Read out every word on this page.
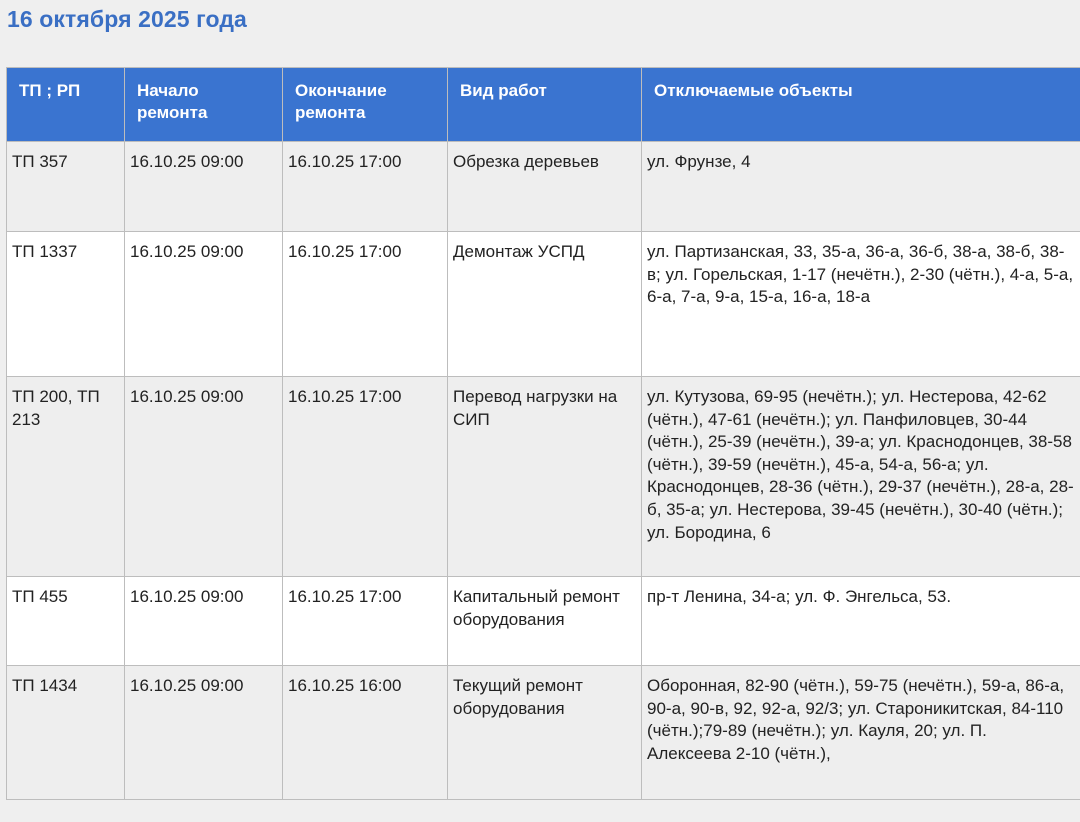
16 октября 2025 года
ТП ; РП	Начало ремонта	Окончание ремонта	Вид работ	Отключаемые объекты
ТП 357	16.10.25 09:00	16.10.25 17:00	Обрезка деревьев	ул. Фрунзе, 4
ТП 1337	16.10.25 09:00	16.10.25 17:00	Демонтаж УСПД	ул. Партизанская, 33, 35-а, 36-а, 36-б, 38-а, 38-б, 38-в; ул. Горельская, 1-17 (нечётн.), 2-30 (чётн.), 4-а, 5-а, 6-а, 7-а, 9-а, 15-а, 16-а, 18-а
ТП 200, ТП 213	16.10.25 09:00	16.10.25 17:00	Перевод нагрузки на СИП	ул. Кутузова, 69-95 (нечётн.); ул. Нестерова, 42-62 (чётн.), 47-61 (нечётн.); ул. Панфиловцев, 30-44 (чётн.), 25-39 (нечётн.), 39-а; ул. Краснодонцев, 38-58 (чётн.), 39-59 (нечётн.), 45-а, 54-а, 56-а; ул. Краснодонцев, 28-36 (чётн.), 29-37 (нечётн.), 28-а, 28-б, 35-а; ул. Нестерова, 39-45 (нечётн.), 30-40 (чётн.); ул. Бородина, 6
ТП 455	16.10.25 09:00	16.10.25 17:00	Капитальный ремонт оборудования	пр-т Ленина, 34-а; ул. Ф. Энгельса, 53.
ТП 1434	16.10.25 09:00	16.10.25 16:00	Текущий ремонт оборудования	Оборонная, 82-90 (чётн.), 59-75 (нечётн.), 59-а, 86-а, 90-а, 90-в, 92, 92-а, 92/3; ул. Староникитская, 84-110 (чётн.);79-89 (нечётн.); ул. Кауля, 20; ул. П. Алексеева 2-10 (чётн.),
